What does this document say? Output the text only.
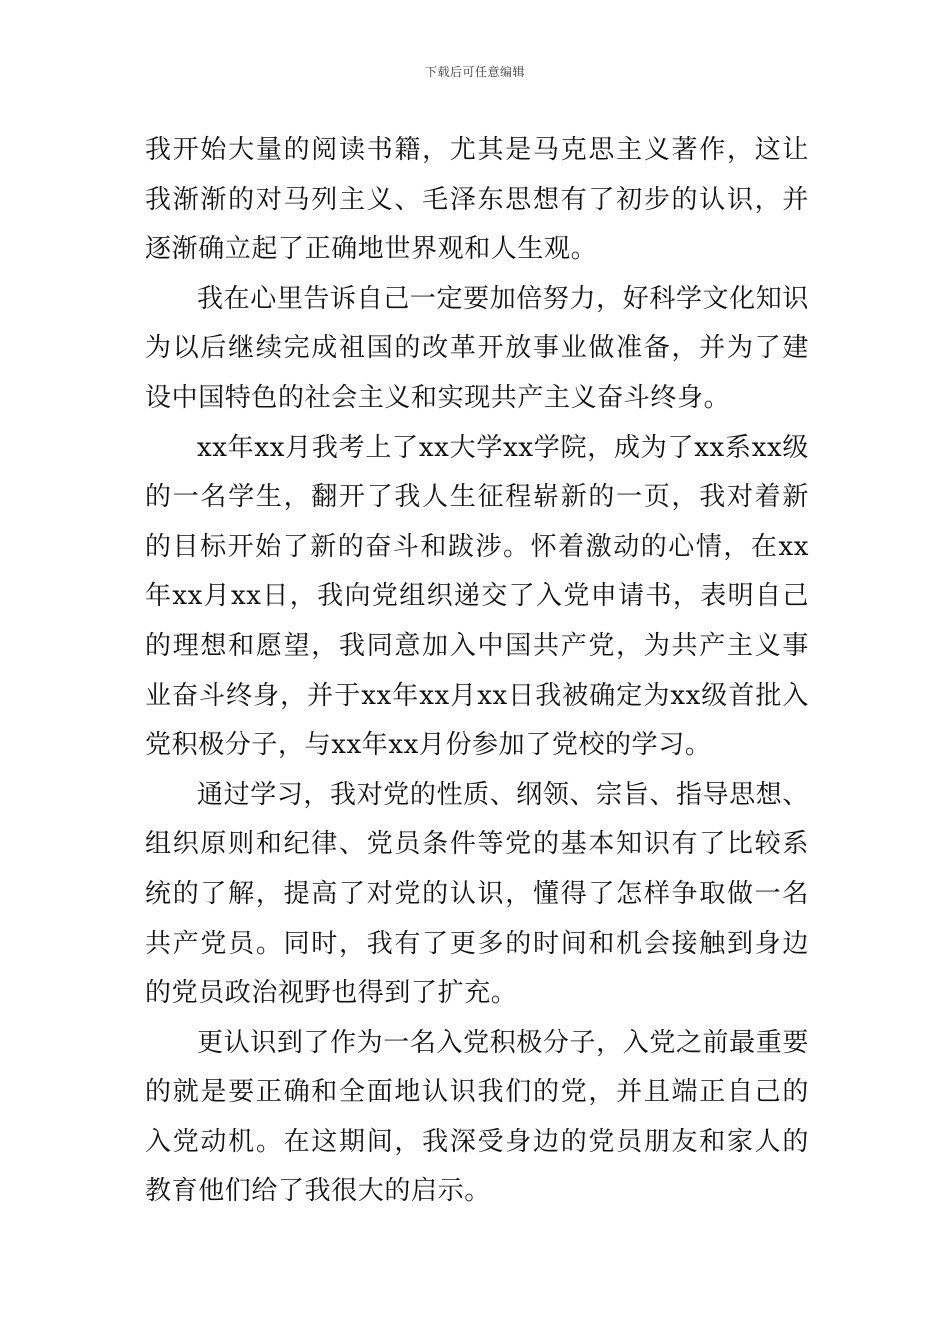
下载后可任意编辑

我开始大量的阅读书籍，尤其是马克思主义著作，这让我渐渐的对马列主义、毛泽东思想有了初步的认识，并逐渐确立起了正确地世界观和人生观。

我在心里告诉自己一定要加倍努力，好科学文化知识为以后继续完成祖国的改革开放事业做准备，并为了建设中国特色的社会主义和实现共产主义奋斗终身。

xx年xx月我考上了xx大学xx学院，成为了xx系xx级的一名学生，翻开了我人生征程崭新的一页，我对着新的目标开始了新的奋斗和跋涉。怀着激动的心情，在xx年xx月xx日，我向党组织递交了入党申请书，表明自己的理想和愿望，我同意加入中国共产党，为共产主义事业奋斗终身，并于xx年xx月xx日我被确定为xx级首批入党积极分子，与xx年xx月份参加了党校的学习。

通过学习，我对党的性质、纲领、宗旨、指导思想、组织原则和纪律、党员条件等党的基本知识有了比较系统的了解，提高了对党的认识，懂得了怎样争取做一名共产党员。同时，我有了更多的时间和机会接触到身边的党员政治视野也得到了扩充。

更认识到了作为一名入党积极分子，入党之前最重要的就是要正确和全面地认识我们的党，并且端正自己的入党动机。在这期间，我深受身边的党员朋友和家人的教育他们给了我很大的启示。
